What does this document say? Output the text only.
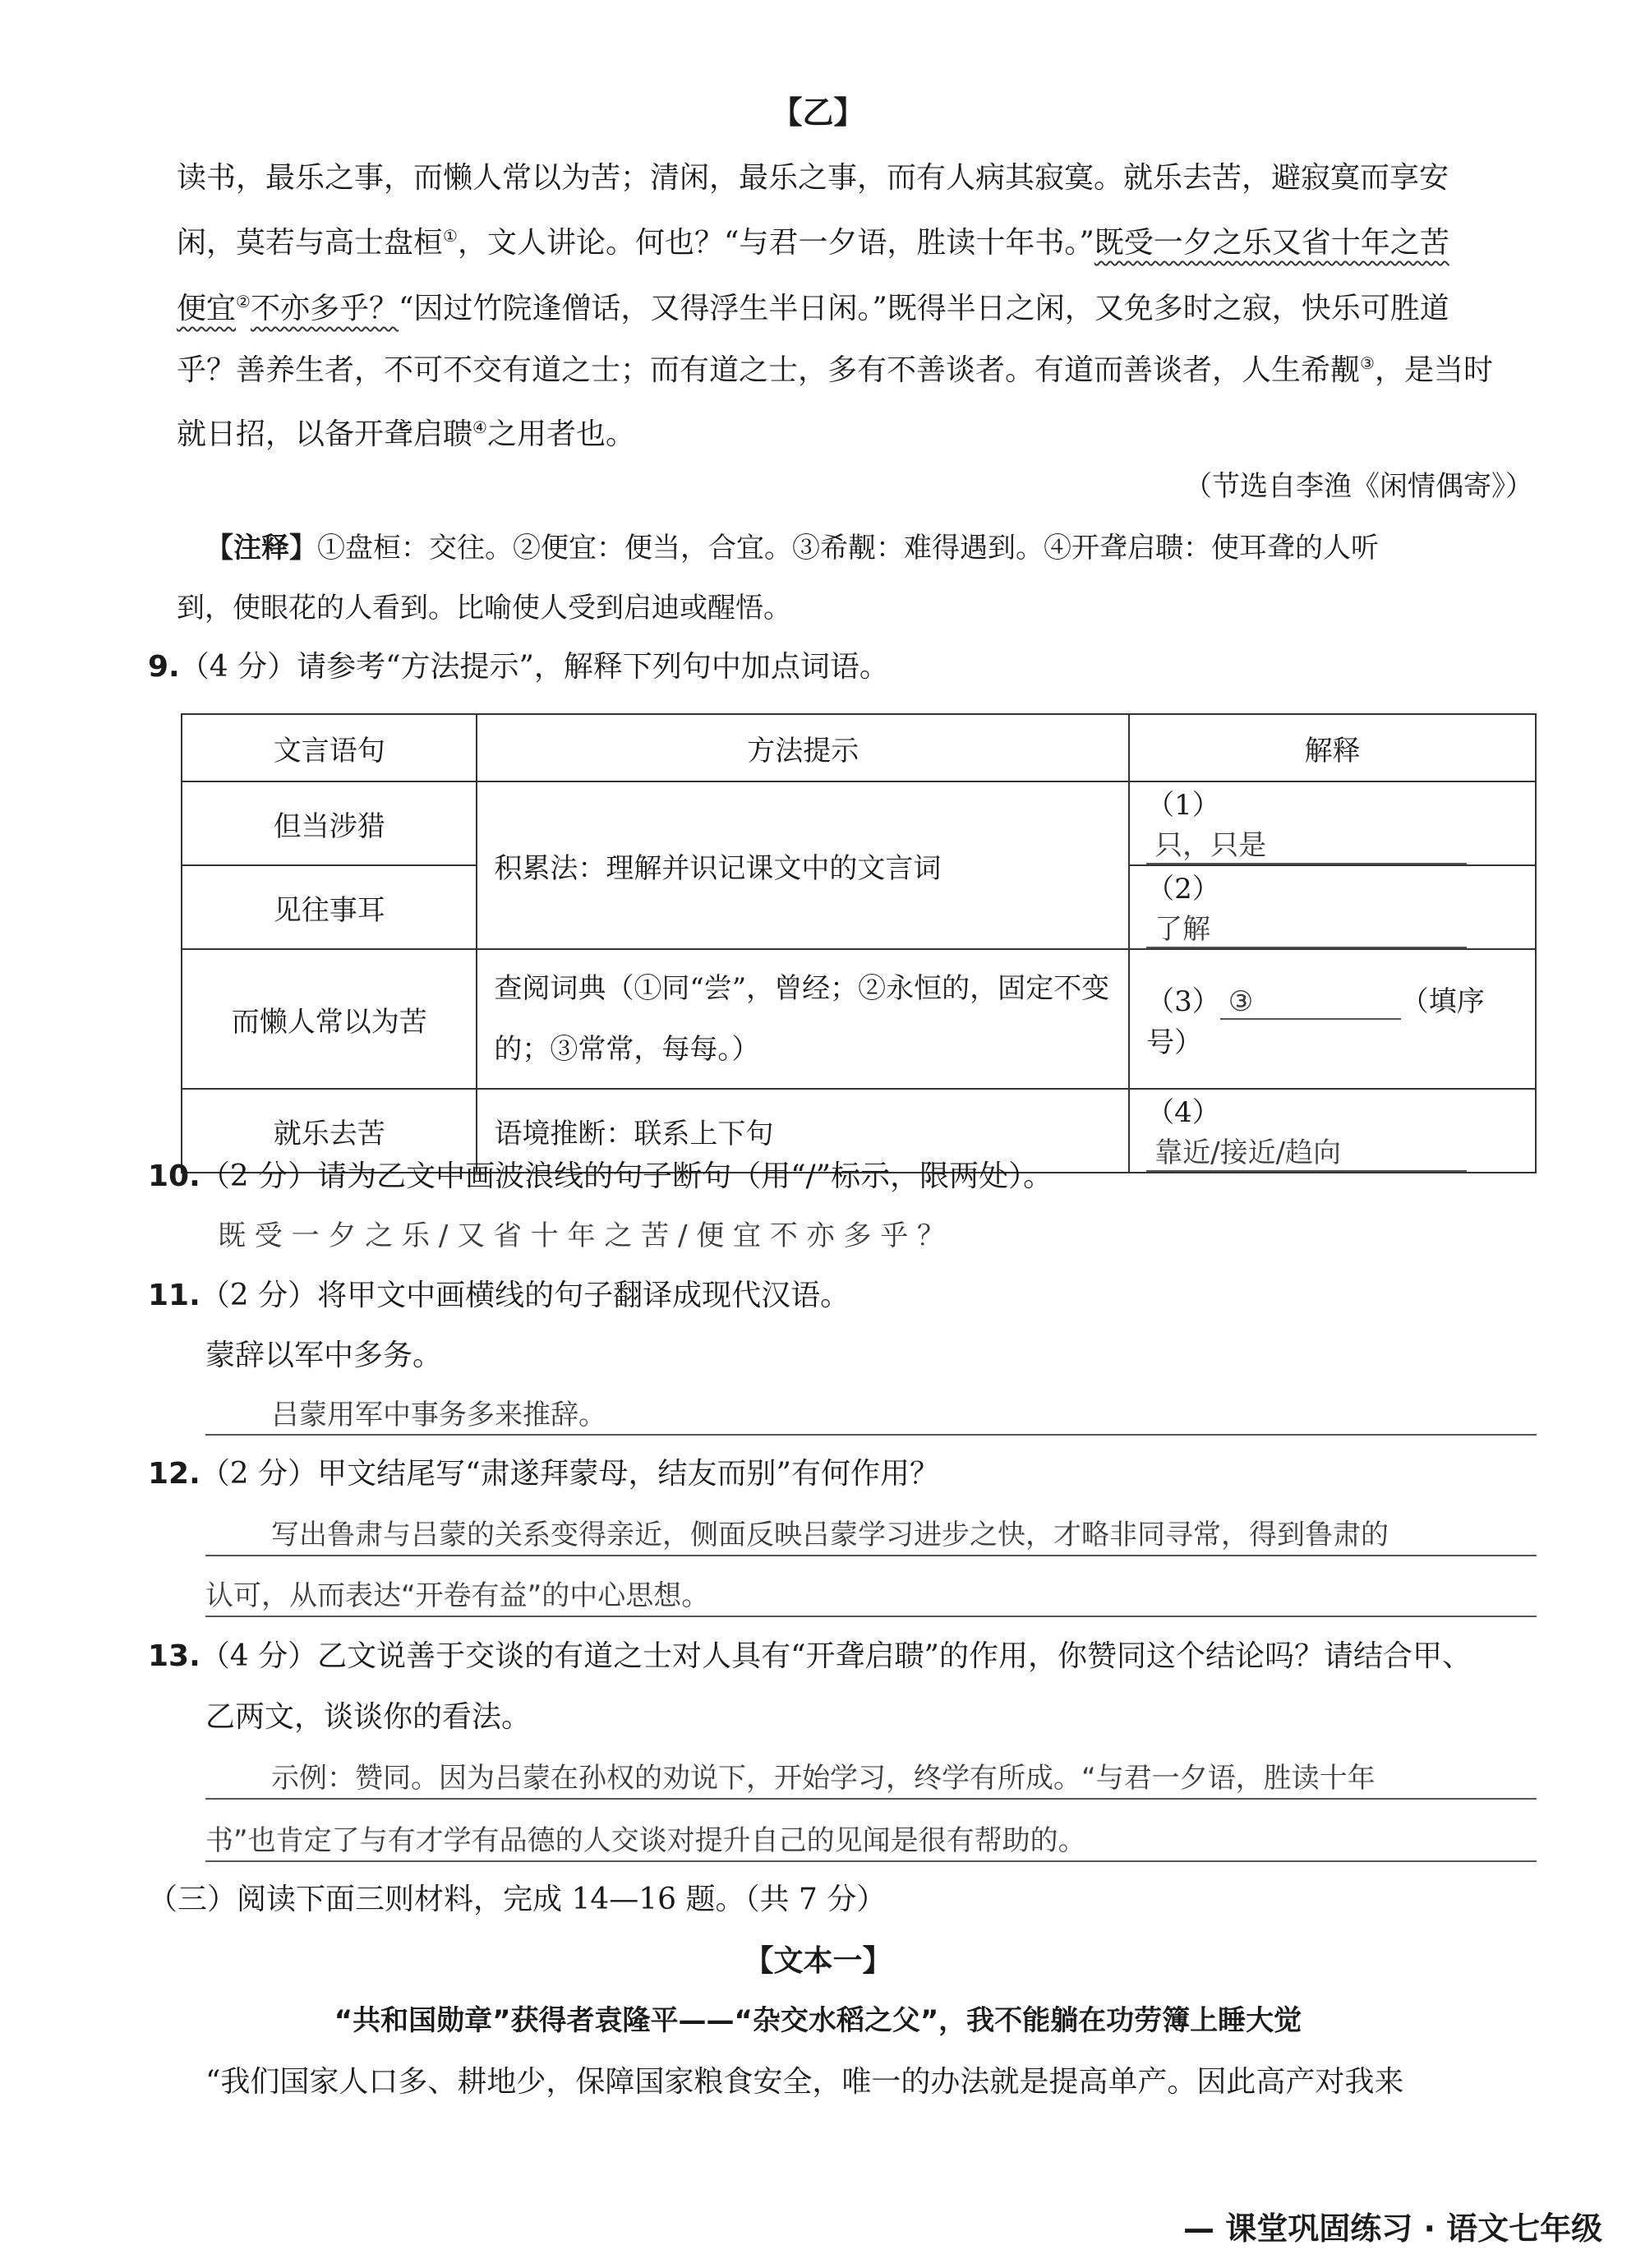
【乙】
读书，最乐之事，而懒人常以为苦；清闲，最乐之事，而有人病其寂寞。就乐去苦，避寂寞而享安
闲，莫若与高士盘桓①，文人讲论。何也？“与君一夕语，胜读十年书。”既受一夕之乐又省十年之苦
便宜②不亦多乎？“因过竹院逢僧话，又得浮生半日闲。”既得半日之闲，又免多时之寂，快乐可胜道
乎？善养生者，不可不交有道之士；而有道之士，多有不善谈者。有道而善谈者，人生希觏③，是当时
就日招，以备开聋启聩④之用者也。
（节选自李渔《闲情偶寄》）
【注释】①盘桓：交往。②便宜：便当，合宜。③希觏：难得遇到。④开聋启聩：使耳聋的人听
到，使眼花的人看到。比喻使人受到启迪或醒悟。
9.（4 分）请参考“方法提示”，解释下列句中加点词语。
文言语句	方法提示	解释
但当涉猎	积累法：理解并识记课文中的文言词	（1）只，只是
见往事耳		（2）了解
而懒人常以为苦	查阅词典（①同“尝”，曾经；②永恒的，固定不变的；③常常，每每。）	（3） ③ （填序号）
就乐去苦	语境推断：联系上下句	（4）靠近/接近/趋向
10.（2 分）请为乙文中画波浪线的句子断句（用“/”标示，限两处）。
既 受 一 夕 之 乐 / 又 省 十 年 之 苦 / 便 宜 不 亦 多 乎 ？
11.（2 分）将甲文中画横线的句子翻译成现代汉语。
蒙辞以军中多务。
吕蒙用军中事务多来推辞。
12.（2 分）甲文结尾写“肃遂拜蒙母，结友而别”有何作用？
写出鲁肃与吕蒙的关系变得亲近，侧面反映吕蒙学习进步之快，才略非同寻常，得到鲁肃的
认可，从而表达“开卷有益”的中心思想。
13.（4 分）乙文说善于交谈的有道之士对人具有“开聋启聩”的作用，你赞同这个结论吗？请结合甲、
乙两文，谈谈你的看法。
示例：赞同。因为吕蒙在孙权的劝说下，开始学习，终学有所成。“与君一夕语，胜读十年
书”也肯定了与有才学有品德的人交谈对提升自己的见闻是很有帮助的。
（三）阅读下面三则材料，完成 14—16 题。（共 7 分）
【文本一】
“共和国勋章”获得者袁隆平——“杂交水稻之父”，我不能躺在功劳簿上睡大觉
“我们国家人口多、耕地少，保障国家粮食安全，唯一的办法就是提高单产。因此高产对我来
— 课堂巩固练习 · 语文七年级
